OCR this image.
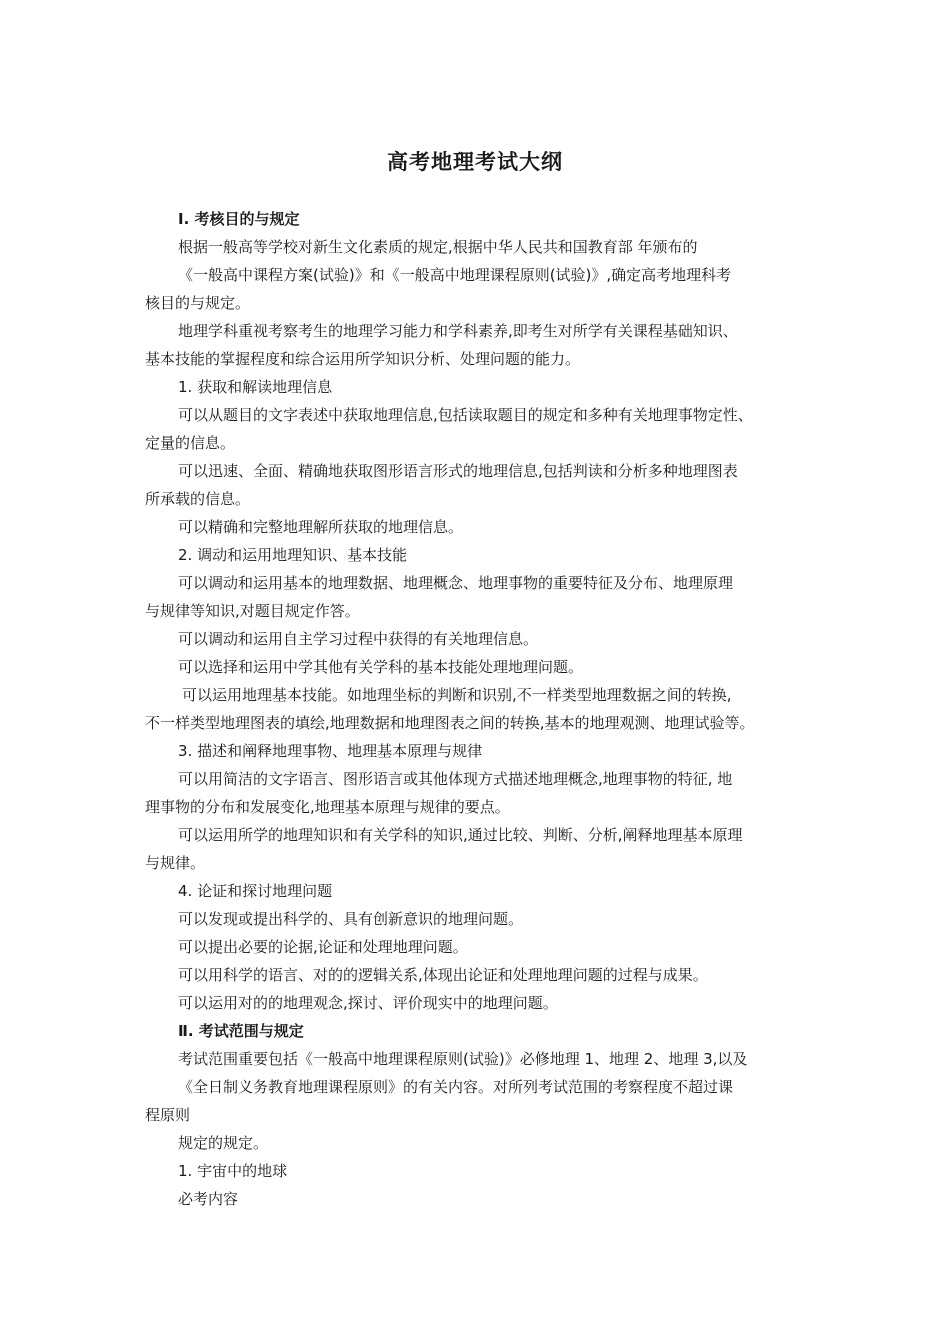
高考地理考试大纲

Ⅰ. 考核目的与规定

根据一般高等学校对新生文化素质的规定,根据中华人民共和国教育部 年颁布的

《一般高中课程方案(试验)》和《一般高中地理课程原则(试验)》,确定高考地理科考

核目的与规定。

地理学科重视考察考生的地理学习能力和学科素养,即考生对所学有关课程基础知识、

基本技能的掌握程度和综合运用所学知识分析、处理问题的能力。

1. 获取和解读地理信息

可以从题目的文字表述中获取地理信息,包括读取题目的规定和多种有关地理事物定性、

定量的信息。

可以迅速、全面、精确地获取图形语言形式的地理信息,包括判读和分析多种地理图表

所承载的信息。

可以精确和完整地理解所获取的地理信息。

2. 调动和运用地理知识、基本技能

可以调动和运用基本的地理数据、地理概念、地理事物的重要特征及分布、地理原理

与规律等知识,对题目规定作答。

可以调动和运用自主学习过程中获得的有关地理信息。

可以选择和运用中学其他有关学科的基本技能处理地理问题。

可以运用地理基本技能。如地理坐标的判断和识别,不一样类型地理数据之间的转换,

不一样类型地理图表的填绘,地理数据和地理图表之间的转换,基本的地理观测、地理试验等。

3. 描述和阐释地理事物、地理基本原理与规律

可以用简洁的文字语言、图形语言或其他体现方式描述地理概念,地理事物的特征, 地

理事物的分布和发展变化,地理基本原理与规律的要点。

可以运用所学的地理知识和有关学科的知识,通过比较、判断、分析,阐释地理基本原理

与规律。

4. 论证和探讨地理问题

可以发现或提出科学的、具有创新意识的地理问题。

可以提出必要的论据,论证和处理地理问题。

可以用科学的语言、对的的逻辑关系,体现出论证和处理地理问题的过程与成果。

可以运用对的的地理观念,探讨、评价现实中的地理问题。

Ⅱ. 考试范围与规定

考试范围重要包括《一般高中地理课程原则(试验)》必修地理 1、地理 2、地理 3,以及

《全日制义务教育地理课程原则》的有关内容。对所列考试范围的考察程度不超过课

程原则

规定的规定。

1. 宇宙中的地球

必考内容
